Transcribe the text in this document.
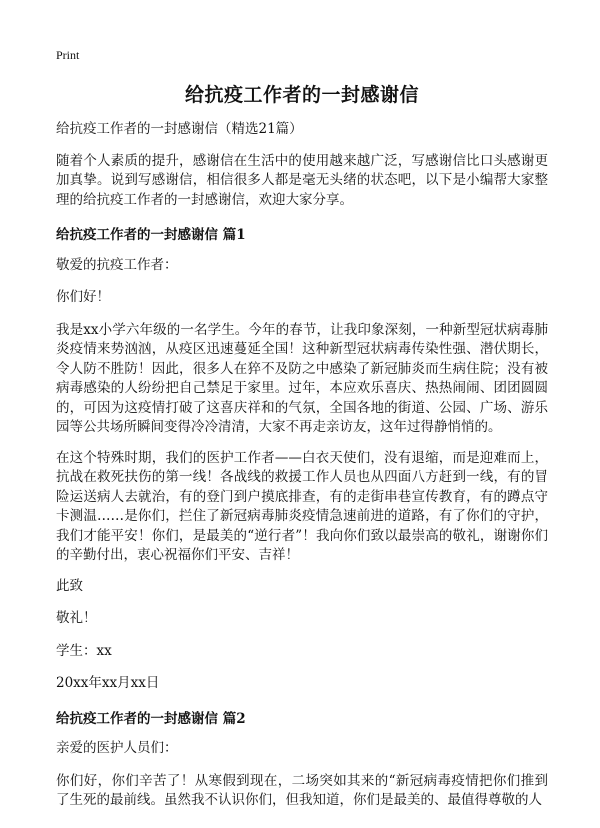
Print
给抗疫工作者的一封感谢信

给抗疫工作者的一封感谢信（精选21篇）

随着个人素质的提升，感谢信在生活中的使用越来越广泛，写感谢信比口头感谢更加真挚。说到写感谢信，相信很多人都是毫无头绪的状态吧，以下是小编帮大家整理的给抗疫工作者的一封感谢信，欢迎大家分享。

给抗疫工作者的一封感谢信 篇1

敬爱的抗疫工作者：

你们好！

我是xx小学六年级的一名学生。今年的春节，让我印象深刻，一种新型冠状病毒肺炎疫情来势汹汹，从疫区迅速蔓延全国！这种新型冠状病毒传染性强、潜伏期长，令人防不胜防！因此，很多人在猝不及防之中感染了新冠肺炎而生病住院；没有被病毒感染的人纷纷把自己禁足于家里。过年，本应欢乐喜庆、热热闹闹、团团圆圆的，可因为这疫情打破了这喜庆祥和的气氛，全国各地的街道、公园、广场、游乐园等公共场所瞬间变得冷冷清清，大家不再走亲访友，这年过得静悄悄的。

在这个特殊时期，我们的医护工作者——白衣天使们，没有退缩，而是迎难而上，抗战在救死扶伤的第一线！各战线的救援工作人员也从四面八方赶到一线，有的冒险运送病人去就治，有的登门到户摸底排查，有的走街串巷宣传教育，有的蹲点守卡测温……是你们，拦住了新冠病毒肺炎疫情急速前进的道路，有了你们的守护，我们才能平安！你们，是最美的“逆行者”！我向你们致以最崇高的敬礼，谢谢你们的辛勤付出，衷心祝福你们平安、吉祥！

此致

敬礼！

学生：xx

20xx年xx月xx日

给抗疫工作者的一封感谢信 篇2

亲爱的医护人员们：

你们好，你们辛苦了！从寒假到现在，二场突如其来的“新冠病毒疫情把你们推到了生死的最前线。虽然我不认识你们，但我知道，你们是最美的、最值得尊敬的人
